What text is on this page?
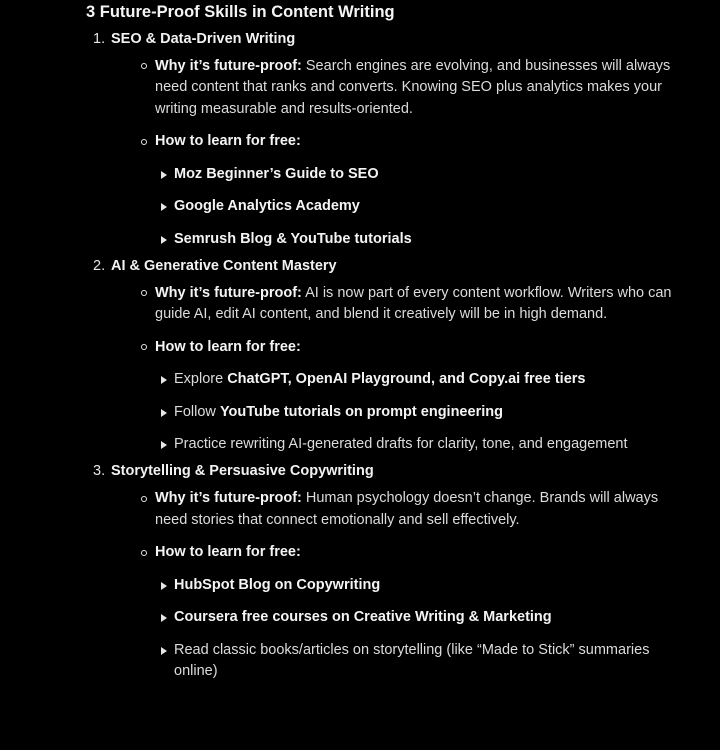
3 Future-Proof Skills in Content Writing
1. SEO & Data-Driven Writing
Why it’s future-proof: Search engines are evolving, and businesses will always need content that ranks and converts. Knowing SEO plus analytics makes your writing measurable and results-oriented.
How to learn for free:
Moz Beginner’s Guide to SEO
Google Analytics Academy
Semrush Blog & YouTube tutorials
2. AI & Generative Content Mastery
Why it’s future-proof: AI is now part of every content workflow. Writers who can guide AI, edit AI content, and blend it creatively will be in high demand.
How to learn for free:
Explore ChatGPT, OpenAI Playground, and Copy.ai free tiers
Follow YouTube tutorials on prompt engineering
Practice rewriting AI-generated drafts for clarity, tone, and engagement
3. Storytelling & Persuasive Copywriting
Why it’s future-proof: Human psychology doesn’t change. Brands will always need stories that connect emotionally and sell effectively.
How to learn for free:
HubSpot Blog on Copywriting
Coursera free courses on Creative Writing & Marketing
Read classic books/articles on storytelling (like “Made to Stick” summaries online)
